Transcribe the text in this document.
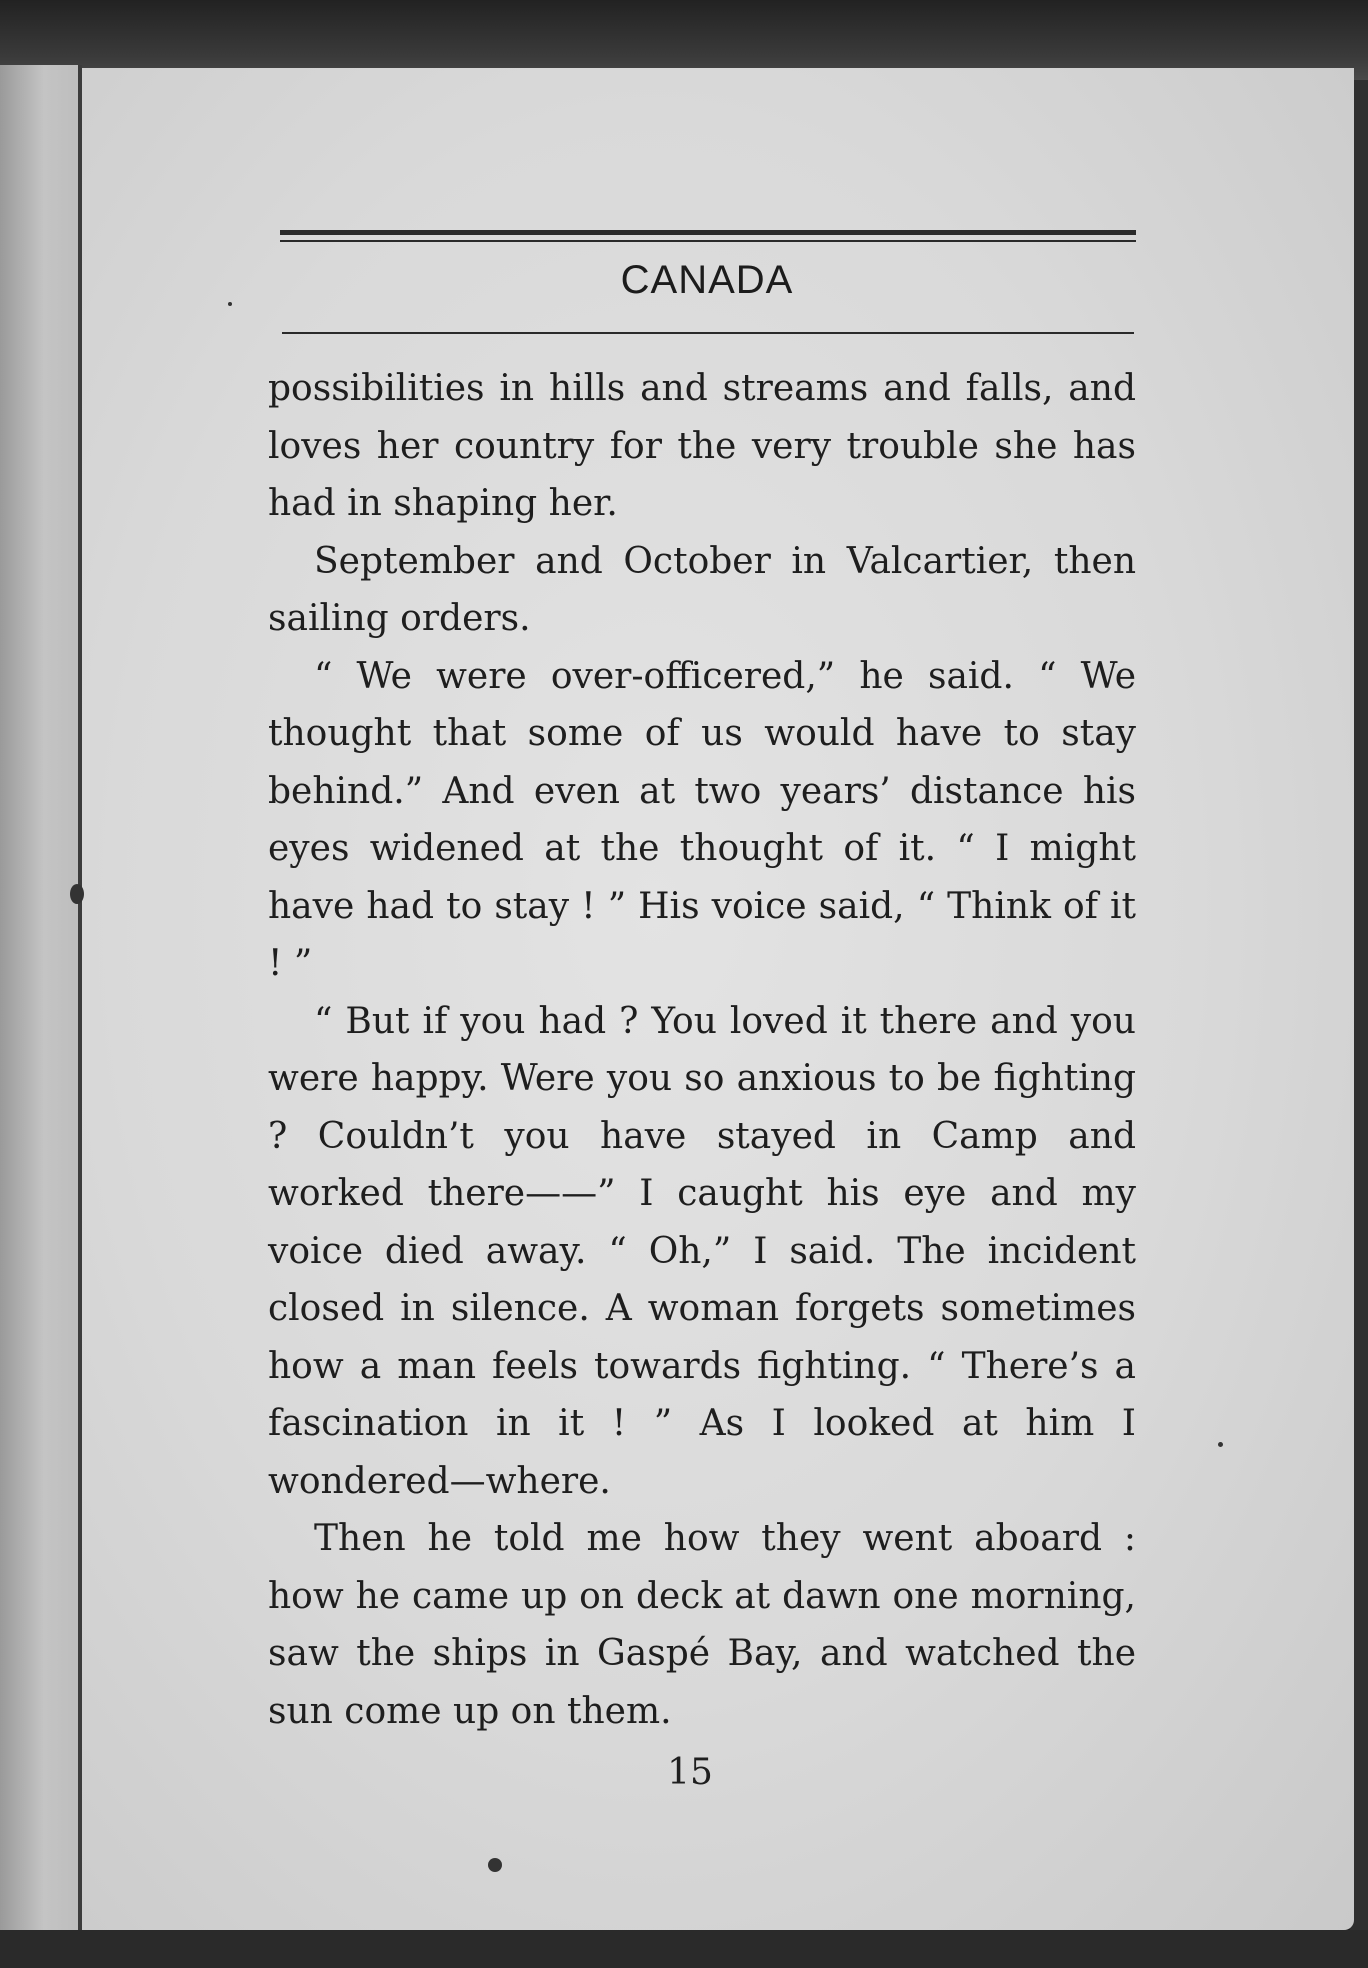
CANADA

possibilities in hills and streams and falls, and loves her country for the very trouble she has had in shaping her.

September and October in Valcartier, then sailing orders.

“ We were over-officered,” he said. “ We thought that some of us would have to stay behind.” And even at two years’ distance his eyes widened at the thought of it. “ I might have had to stay ! ” His voice said, “ Think of it ! ”

“ But if you had ? You loved it there and you were happy. Were you so anxious to be fighting ? Couldn’t you have stayed in Camp and worked there——” I caught his eye and my voice died away. “ Oh,” I said. The incident closed in silence. A woman forgets sometimes how a man feels towards fighting. “ There’s a fascination in it ! ” As I looked at him I wondered—where.

Then he told me how they went aboard : how he came up on deck at dawn one morning, saw the ships in Gaspé Bay, and watched the sun come up on them.

15
